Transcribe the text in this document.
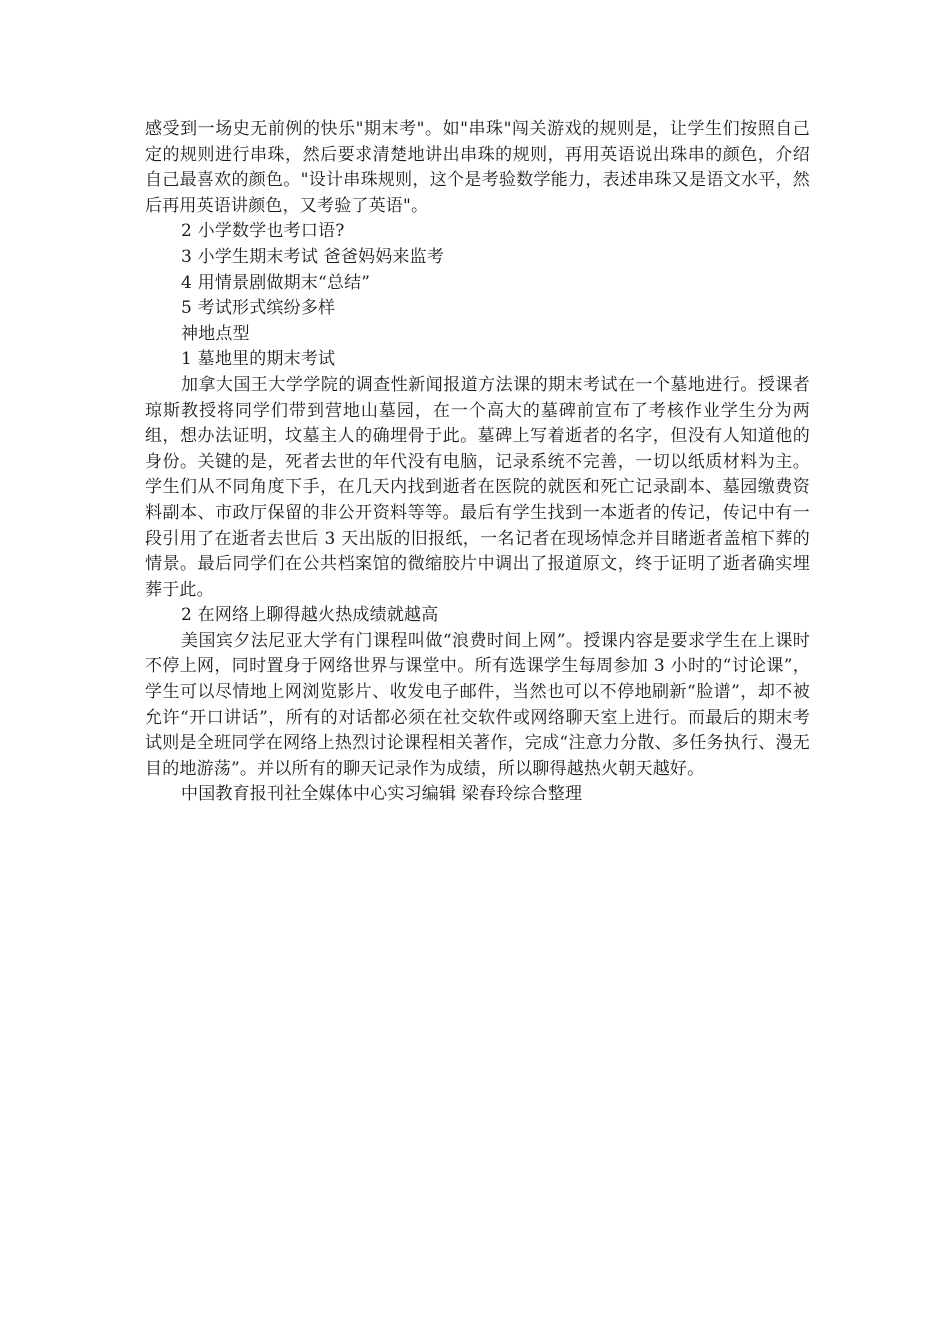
感受到一场史无前例的快乐"期末考"。如"串珠"闯关游戏的规则是，让学生们按照自己定的规则进行串珠，然后要求清楚地讲出串珠的规则，再用英语说出珠串的颜色，介绍自己最喜欢的颜色。"设计串珠规则，这个是考验数学能力，表述串珠又是语文水平，然后再用英语讲颜色，又考验了英语"。

2 小学数学也考口语?

3 小学生期末考试 爸爸妈妈来监考

4 用情景剧做期末“总结”

5 考试形式缤纷多样

神地点型

1 墓地里的期末考试

加拿大国王大学学院的调查性新闻报道方法课的期末考试在一个墓地进行。授课者琼斯教授将同学们带到营地山墓园，在一个高大的墓碑前宣布了考核作业学生分为两组，想办法证明，坟墓主人的确埋骨于此。墓碑上写着逝者的名字，但没有人知道他的身份。关键的是，死者去世的年代没有电脑，记录系统不完善，一切以纸质材料为主。学生们从不同角度下手，在几天内找到逝者在医院的就医和死亡记录副本、墓园缴费资料副本、市政厅保留的非公开资料等等。最后有学生找到一本逝者的传记，传记中有一段引用了在逝者去世后 3 天出版的旧报纸，一名记者在现场悼念并目睹逝者盖棺下葬的情景。最后同学们在公共档案馆的微缩胶片中调出了报道原文，终于证明了逝者确实埋葬于此。

2 在网络上聊得越火热成绩就越高

美国宾夕法尼亚大学有门课程叫做“浪费时间上网”。授课内容是要求学生在上课时不停上网，同时置身于网络世界与课堂中。所有选课学生每周参加 3 小时的“讨论课”，学生可以尽情地上网浏览影片、收发电子邮件，当然也可以不停地刷新“脸谱”，却不被允许“开口讲话”，所有的对话都必须在社交软件或网络聊天室上进行。而最后的期末考试则是全班同学在网络上热烈讨论课程相关著作，完成“注意力分散、多任务执行、漫无目的地游荡”。并以所有的聊天记录作为成绩，所以聊得越热火朝天越好。

中国教育报刊社全媒体中心实习编辑 梁春玲综合整理
